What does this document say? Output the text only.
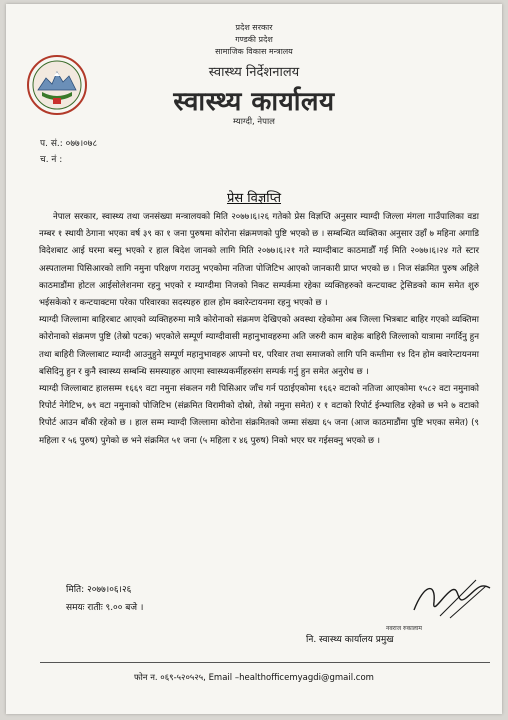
प्रदेश सरकार
गण्डकी प्रदेश
सामाजिक विकास मन्त्रालय
स्वास्थ्य निर्देशनालय
स्वास्थ्य कार्यालय
म्याग्दी, नेपाल
प. सं.: ०७७।०७८
च. नं :
प्रेस विज्ञप्ति

नेपाल सरकार, स्वास्थ्य तथा जनसंख्या मन्त्रालयको मिति २०७७।६।२६ गतेको प्रेस विज्ञप्ति अनुसार म्याग्दी जिल्ला मंगला गाउँपालिका वडा नम्बर १ स्थायी ठेगाना भएका वर्ष ३९ का १ जना पुरुषमा कोरोना संक्रमणको पुष्टि भएको छ । सम्बन्धित व्यक्तिका अनुसार उहाँ ७ महिना अगाडि विदेशबाट आई घरमा बस्नु भएको र हाल बिदेश जानको लागि मिति २०७७।६।२१ गते म्याग्दीबाट काठमाडौँ गई मिति २०७७।६।२४ गते स्टार अस्पतालमा पिसिआरको लागि नमुना परिक्षण गराउनु भएकोमा नतिजा पोजिटिभ आएको जानकारी प्राप्त भएको छ । निज संक्रमित पुरुष अहिले काठमाडौंमा होटल आईसोलेशनमा रहनु भएको र म्याग्दीमा निजको निकट सम्पर्कमा रहेका व्यक्तिहरुको कन्टयाक्ट ट्रेसिङको काम समेत शुरु भईसकेको र कन्टयाक्टमा परेका परिवारका सदस्यहरु हाल होम क्वारेन्टायनमा रहनु भएको छ ।

म्याग्दी जिल्लामा बाहिरबाट आएको व्यक्तिहरुमा मात्रै कोरोनाको संक्रमण देखिएको अवस्था रहेकोमा अब जिल्ला भित्रबाट बाहिर गएको व्यक्तिमा कोरोनाको संक्रमण पुष्टि (तेस्रो पटक) भएकोले सम्पूर्ण म्याग्दीवासी महानुभावहरुमा अति जरुरी काम बाहेक बाहिरी जिल्लाको यात्रामा नगर्दिनु हुन तथा बाहिरी जिल्लाबाट म्याग्दी आउनुहुने सम्पूर्ण महानुभावहरु आफ्नो घर, परिवार तथा समाजको लागि पनि कम्तीमा १४ दिन होम क्वारेन्टायनमा बसिदिनु हुन र कुनै स्वास्थ्य सम्बन्धि समस्याहरु आएमा स्वास्थ्यकर्मीहरुसंग सम्पर्क गर्नु हुन समेत अनुरोध छ ।

म्याग्दी जिल्लाबाट हालसम्म १६६९ वटा नमुना संकलन गरी पिसिआर जाँच गर्न पठाईएकोमा १६६२ वटाको नतिजा आएकोमा १५८२ वटा नमुनाको रिपोर्ट नेगेटिभ, ७९ वटा नमुनाको पोजिटिभ (संक्रमित विरामीको दोस्रो, तेस्रो नमुना समेत) र १ वटाको रिपोर्ट ईन्भ्यालिड रहेको छ भने ७ वटाको रिपोर्ट आउन बाँकी रहेको छ । हाल सम्म म्याग्दी जिल्लामा कोरोना संक्रमितको जम्मा संख्या ६५ जना (आज काठमाडौंमा पुष्टि भएका समेत) (९ महिला र ५६ पुरुष) पुगेको छ भने संक्रमित ५१ जना (५ महिला र ४६ पुरुष) निको भएर घर गईसक्नु भएको छ ।

मिति: २०७७।०६।२६
समयः रातीः ९.०० बजे ।
नवराज रुकालाम
नि. स्वास्थ्य कार्यालय प्रमुख
फोन न. ०६९-५२०५२५, Email –healthofficemyagdi@gmail.com
